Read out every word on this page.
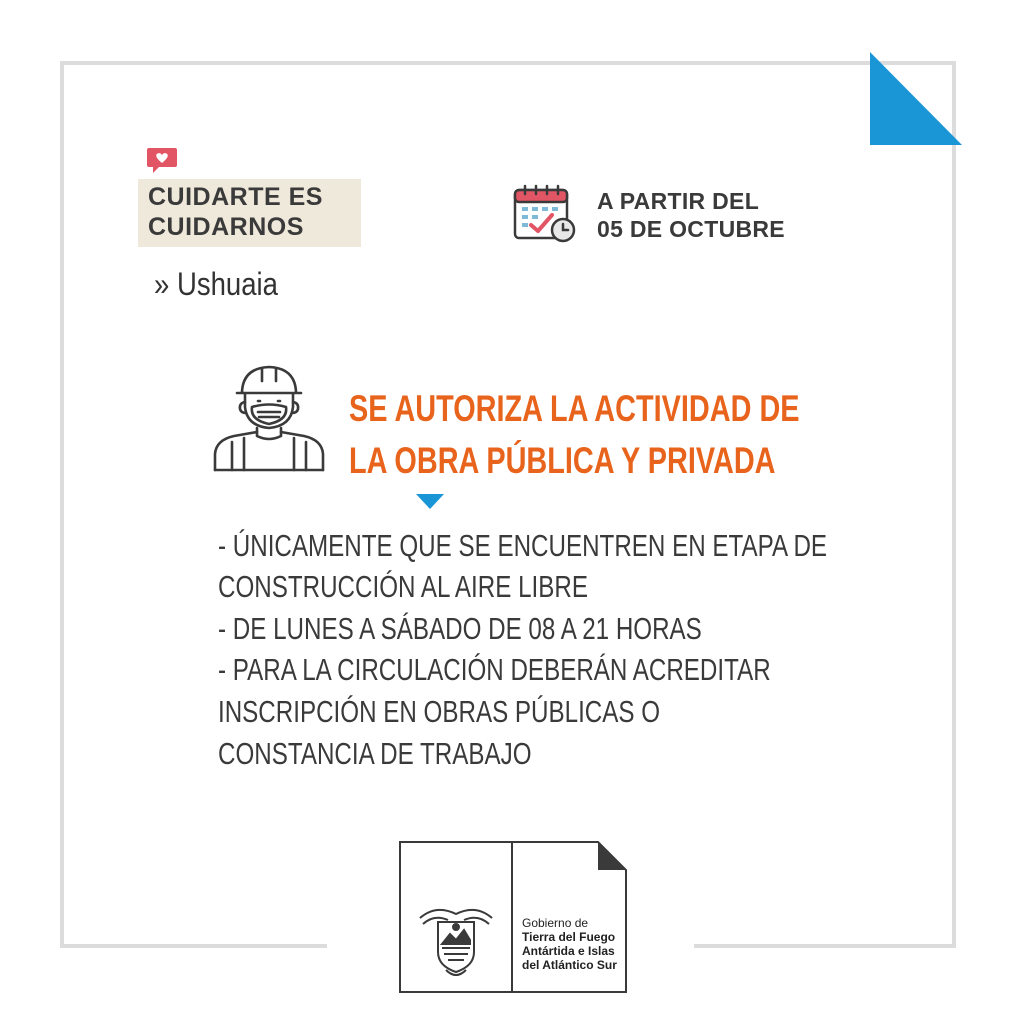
CUIDARTE ES
CUIDARNOS
» Ushuaia
A PARTIR DEL
05 DE OCTUBRE
SE AUTORIZA LA ACTIVIDAD DE
LA OBRA PÚBLICA Y PRIVADA
- ÚNICAMENTE QUE SE ENCUENTREN EN ETAPA DE
CONSTRUCCIÓN AL AIRE LIBRE
- DE LUNES A SÁBADO DE 08 A 21 HORAS
- PARA LA CIRCULACIÓN DEBERÁN ACREDITAR
INSCRIPCIÓN EN OBRAS PÚBLICAS O
CONSTANCIA DE TRABAJO
Gobierno de
Tierra del Fuego
Antártida e Islas
del Atlántico Sur
